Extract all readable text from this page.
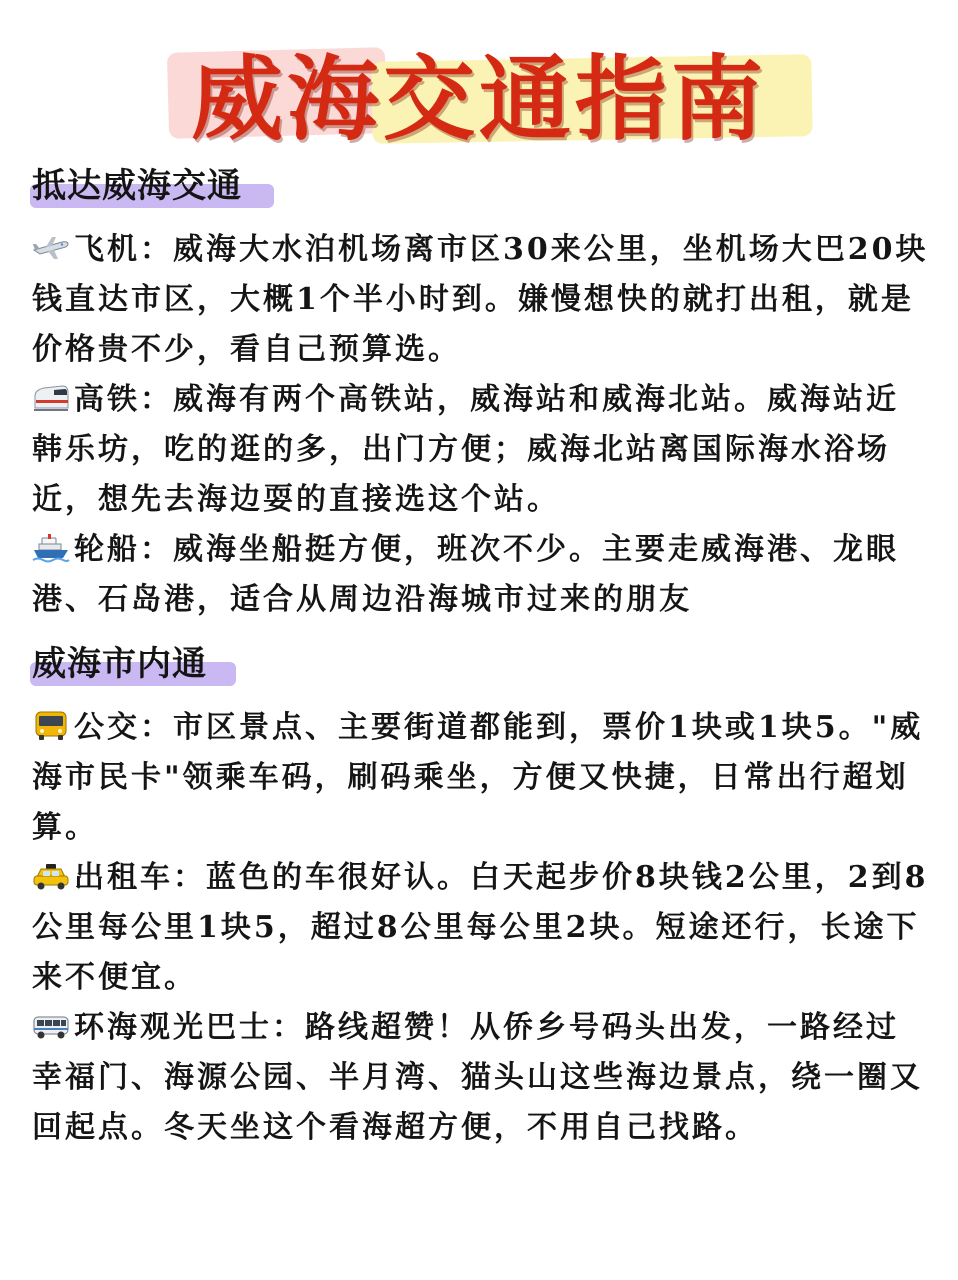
威海交通指南
抵达威海交通
飞机：威海大水泊机场离市区30来公里，坐机场大巴20块钱直达市区，大概1个半小时到。嫌慢想快的就打出租，就是价格贵不少，看自己预算选。
高铁：威海有两个高铁站，威海站和威海北站。威海站近韩乐坊，吃的逛的多，出门方便；威海北站离国际海水浴场近，想先去海边耍的直接选这个站。
轮船：威海坐船挺方便，班次不少。主要走威海港、龙眼港、石岛港，适合从周边沿海城市过来的朋友
威海市内通
公交：市区景点、主要街道都能到，票价1块或1块5。"威海市民卡"领乘车码，刷码乘坐，方便又快捷，日常出行超划算。
出租车：蓝色的车很好认。白天起步价8块钱2公里，2到8公里每公里1块5，超过8公里每公里2块。短途还行，长途下来不便宜。
环海观光巴士：路线超赞！从侨乡号码头出发，一路经过幸福门、海源公园、半月湾、猫头山这些海边景点，绕一圈又回起点。冬天坐这个看海超方便，不用自己找路。
